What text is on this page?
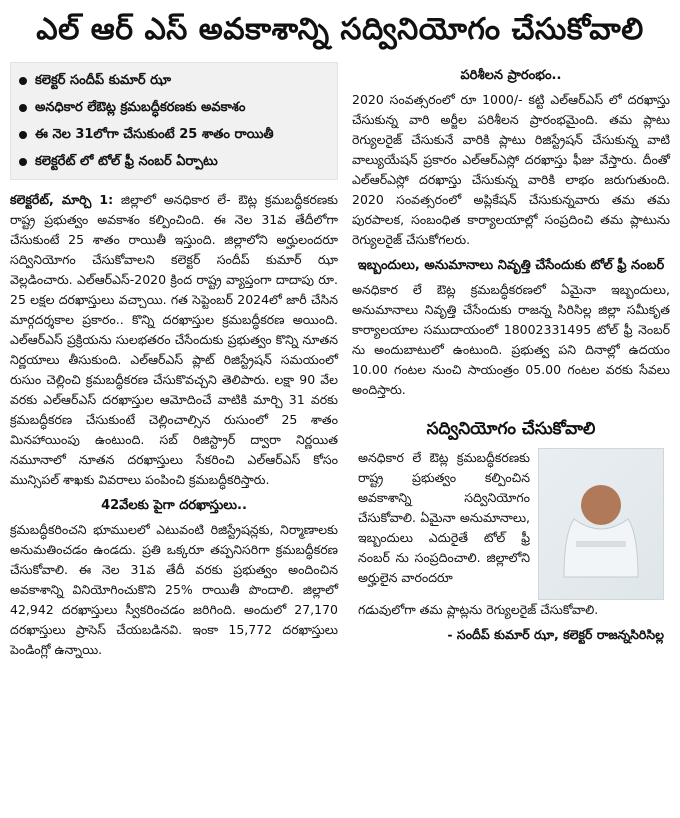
ఎల్ ఆర్ ఎస్ అవకాశాన్ని సద్వినియోగం చేసుకోవాలి
కలెక్టర్ సందీప్ కుమార్ ఝా
అనధికార లేఔట్ల క్రమబద్ధీకరణకు అవకాశం
ఈ నెల 31లోగా చేసుకుంటే 25 శాతం రాయితీ
కలెక్టరేట్ లో టోల్ ఫ్రీ నంబర్ ఏర్పాటు

కలెక్టరేట్, మార్చి 1: జిల్లాలో అనధికార లే- ఔట్ల క్రమబద్ధీకరణకు రాష్ట్ర ప్రభుత్వం అవకాశం కల్పించింది. ఈ నెల 31వ తేదీలోగా చేసుకుంటే 25 శాతం రాయితీ ఇస్తుంది. జిల్లాలోని అర్హులందరూ సద్వినియోగం చేసుకోవాలని కలెక్టర్ సందీప్ కుమార్ ఝా వెల్లడించారు. ఎల్ఆర్ఎస్-2020 క్రింద రాష్ట్ర వ్యాప్తంగా దాదాపు రూ. 25 లక్షల దరఖాస్తులు వచ్చాయి. గత సెప్టెంబర్ 2024లో జారీ చేసిన మార్గదర్శకాల ప్రకారం.. కొన్ని దరఖాస్తుల క్రమబద్ధీకరణ అయింది. ఎల్ఆర్ఎస్ ప్రక్రియను సులభతరం చేసేందుకు ప్రభుత్వం కొన్ని నూతన నిర్ణయాలు తీసుకుంది. ఎల్ఆర్ఎస్ ప్లాట్ రిజిస్ట్రేషన్ సమయంలో రుసుం చెల్లించి క్రమబద్ధీకరణ చేసుకొవచ్చని తెలిపారు. లక్షా 90 వేల వరకు ఎల్ఆర్ఎస్ దరఖాస్తుల ఆమోదించే వాటికి మార్చి 31 వరకు క్రమబద్ధీకరణ చేసుకుంటే చెల్లించాల్సిన రుసుంలో 25 శాతం మినహాయింపు ఉంటుంది. సబ్ రిజిస్ట్రార్ ద్వారా నిర్ణయిత నమూనాలో నూతన దరఖాస్తులు సేకరించి ఎల్ఆర్ఎస్ కోసం మున్సిపల్ శాఖకు వివరాలు పంపించి క్రమబద్ధీకరిస్తారు.

42వేలకు పైగా దరఖాస్తులు..

క్రమబద్ధీకరించని భూములలో ఎటువంటి రిజిస్ట్రేషన్లకు, నిర్మాణాలకు అనుమతించడం ఉండదు. ప్రతి ఒక్కరూ తప్పనిసరిగా క్రమబద్ధీకరణ చేసుకోవాలి. ఈ నెల 31వ తేదీ వరకు ప్రభుత్వం అందించిన అవకాశాన్ని వినియోగించుకొని 25% రాయితీ పొందాలి. జిల్లాలో 42,942 దరఖాస్తులు స్వీకరించడం జరిగింది. అందులో 27,170 దరఖాస్తులు ప్రాసెస్ చేయబడినవి. ఇంకా 15,772 దరఖాస్తులు పెండింగ్లో ఉన్నాయి.

పరిశీలన ప్రారంభం..

2020 సంవత్సరంలో రూ 1000/- కట్టి ఎల్ఆర్ఎస్ లో దరఖాస్తు చేసుకున్న వారి అర్జీల పరిశీలన ప్రారంభమైంది. తమ ప్లాటు రెగ్యులరైజ్ చేసుకునే వారికి ప్లాటు రిజిస్ట్రేషన్ చేసుకున్న వాటి వాల్యుయేషన్ ప్రకారం ఎల్ఆర్ఎస్లో దరఖాస్తు ఫీజు వేస్తారు. దీంతో ఎల్ఆర్ఎస్లో దరఖాస్తు చేసుకున్న వారికి లాభం జరుగుతుంది. 2020 సంవత్సరంలో అప్లికేషన్ చేసుకున్నవారు తమ తమ పురపాలక, సంబంధిత కార్యాలయాల్లో సంప్రదించి తమ ప్లాటును రెగ్యులరైజ్ చేసుకోగలరు.

ఇబ్బందులు, అనుమానాలు నివృత్తి చేసేందుకు టోల్ ఫ్రీ నంబర్

అనధికార లే ఔట్ల క్రమబద్ధీకరణలో ఏమైనా ఇబ్బందులు, అనుమానాలు నివృత్తి చేసేందుకు రాజన్న సిరిసిల్ల జిల్లా సమీకృత కార్యాలయాల సముదాయంలో 18002331495 టోల్ ఫ్రీ నెంబర్ ను అందుబాటులో ఉంటుంది. ప్రభుత్వ పని దినాల్లో ఉదయం 10.00 గంటల నుంచి సాయంత్రం 05.00 గంటల వరకు సేవలు అందిస్తారు.

సద్వినియోగం చేసుకోవాలి
అనధికార లే ఔట్ల క్రమబద్ధీకరణకు రాష్ట్ర ప్రభుత్వం కల్పించిన అవకాశాన్ని సద్వినియోగం చేసుకోవాలి. ఏమైనా అనుమానాలు, ఇబ్బందులు ఎదురైతే టోల్ ఫ్రీ నంబర్ ను సంప్రదించాలి. జిల్లాలోని అర్హులైన వారందరూ
గడువులోగా తమ ప్లాట్లను రెగ్యులరైజ్ చేసుకోవాలి.
- సందీప్ కుమార్ ఝా, కలెక్టర్ రాజన్నసిరిసిల్ల
